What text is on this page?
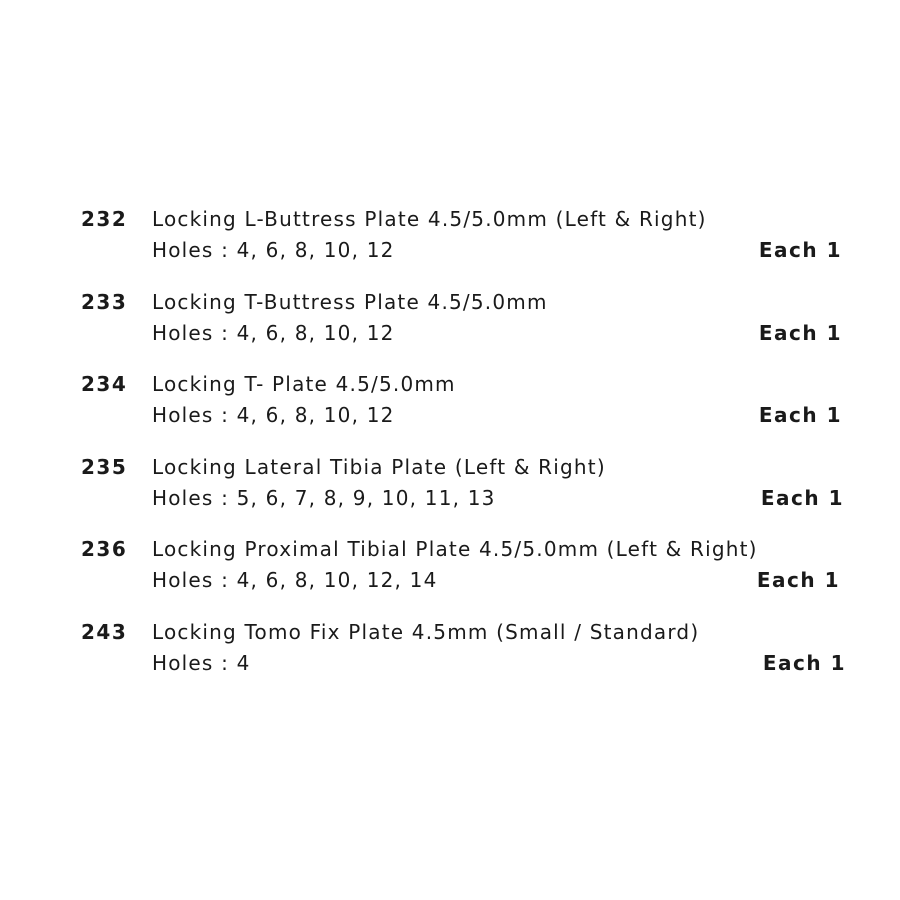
232 Locking L-Buttress Plate 4.5/5.0mm (Left & Right)
Holes : 4, 6, 8, 10, 12	Each 1
233 Locking T-Buttress Plate 4.5/5.0mm
Holes : 4, 6, 8, 10, 12	Each 1
234 Locking T- Plate 4.5/5.0mm
Holes : 4, 6, 8, 10, 12	Each 1
235 Locking Lateral Tibia Plate (Left & Right)
Holes : 5, 6, 7, 8, 9, 10, 11, 13	Each 1
236 Locking Proximal Tibial Plate 4.5/5.0mm (Left & Right)
Holes : 4, 6, 8, 10, 12, 14	Each 1
243 Locking Tomo Fix Plate 4.5mm (Small / Standard)
Holes : 4	Each 1
